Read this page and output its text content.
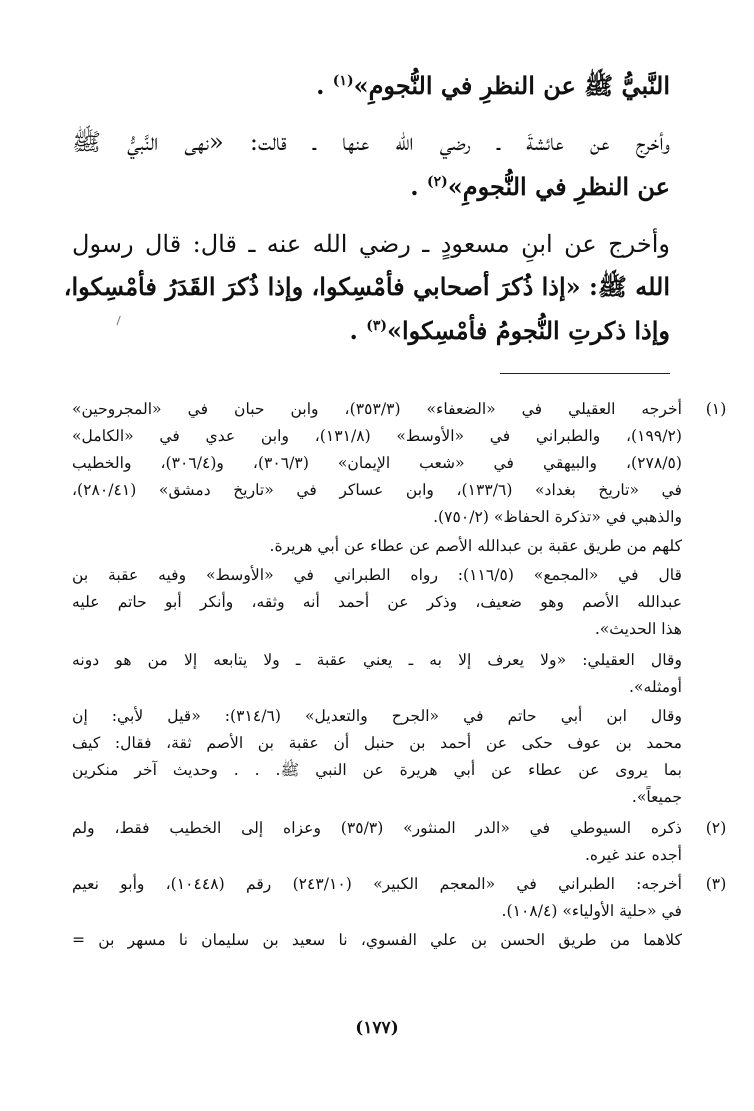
النَّبيُّ ﷺ عن النظرِ في النُّجومِ»$^{(١)}$ .
وأخرج عن عائشةَ ـ رضي الله عنها ـ قالت: «نهى النَّبيُّ ﷺ
عن النظرِ في النُّجومِ»$^{(٢)}$ .
وأخرج عن ابنِ مسعودٍ ـ رضي الله عنه ـ قال: قال رسول
الله ﷺ: «إذا ذُكرَ أصحابي فأمْسِكوا، وإذا ذُكرَ القَدَرُ فأمْسِكوا،
وإذا ذكرتِ النُّجومُ فأمْسِكوا»$^{(٣)}$ .
(١)
أخرجه العقيلي في «الضعفاء» (٣٥٣/٣)، وابن حبان في «المجروحين»
(١٩٩/٢)، والطبراني في «الأوسط» (١٣١/٨)، وابن عدي في «الكامل»
(٢٧٨/٥)، والبيهقي في «شعب الإيمان» (٣٠٦/٣)، و(٣٠٦/٤)، والخطيب
في «تاريخ بغداد» (١٣٣/٦)، وابن عساكر في «تاريخ دمشق» (٢٨٠/٤١)،
والذهبي في «تذكرة الحفاظ» (٧٥٠/٢).
كلهم من طريق عقبة بن عبدالله الأصم عن عطاء عن أبي هريرة.
قال في «المجمع» (١١٦/٥): رواه الطبراني في «الأوسط» وفيه عقبة بن
عبدالله الأصم وهو ضعيف، وذكر عن أحمد أنه وثقه، وأنكر أبو حاتم عليه
هذا الحديث».
وقال العقيلي: «ولا يعرف إلا به ـ يعني عقبة ـ ولا يتابعه إلا من هو دونه
أومثله».
وقال ابن أبي حاتم في «الجرح والتعديل» (٣١٤/٦): «قيل لأبي: إن
محمد بن عوف حكى عن أحمد بن حنبل أن عقبة بن الأصم ثقة، فقال: كيف
بما يروى عن عطاء عن أبي هريرة عن النبي ﷺ. . . وحديث آخر منكرين
جميعاً».
(٢)
ذكره السيوطي في «الدر المنثور» (٣٥/٣) وعزاه إلى الخطيب فقط، ولم
أجده عند غيره.
(٣)
أخرجه: الطبراني في «المعجم الكبير» (٢٤٣/١٠) رقم (١٠٤٤٨)، وأبو نعيم
في «حلية الأولياء» (١٠٨/٤).
كلاهما من طريق الحسن بن علي الفسوي، نا سعيد بن سليمان نا مسهر بن =
(١٧٧)
